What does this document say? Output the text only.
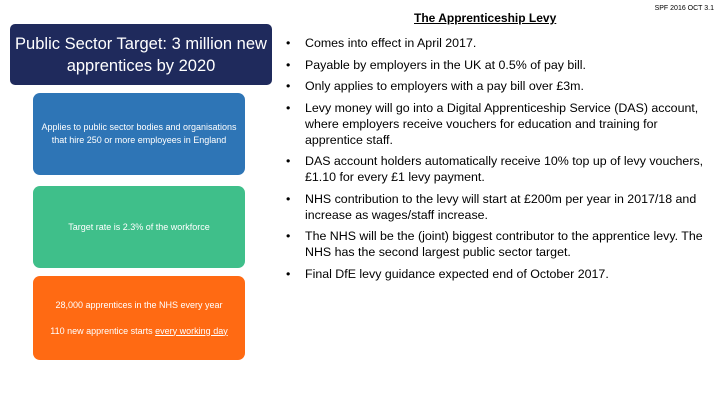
SPF 2016 OCT 3.1
Public Sector Target: 3 million new apprentices by 2020
Applies to public sector bodies and organisations that hire 250 or more employees in England
Target rate is 2.3% of the workforce
28,000 apprentices in the NHS every year
110 new apprentice starts every working day
The Apprenticeship Levy
• Comes into effect in April 2017.
• Payable by employers in the UK at 0.5% of pay bill.
• Only applies to employers with a pay bill over £3m.
• Levy money will go into a Digital Apprenticeship Service (DAS) account, where employers receive vouchers for education and training for apprentice staff.
• DAS account holders automatically receive 10% top up of levy vouchers, £1.10 for every £1 levy payment.
• NHS contribution to the levy will start at £200m per year in 2017/18 and increase as wages/staff increase.
• The NHS will be the (joint) biggest contributor to the apprentice levy. The NHS has the second largest public sector target.
• Final DfE levy guidance expected end of October 2017.
